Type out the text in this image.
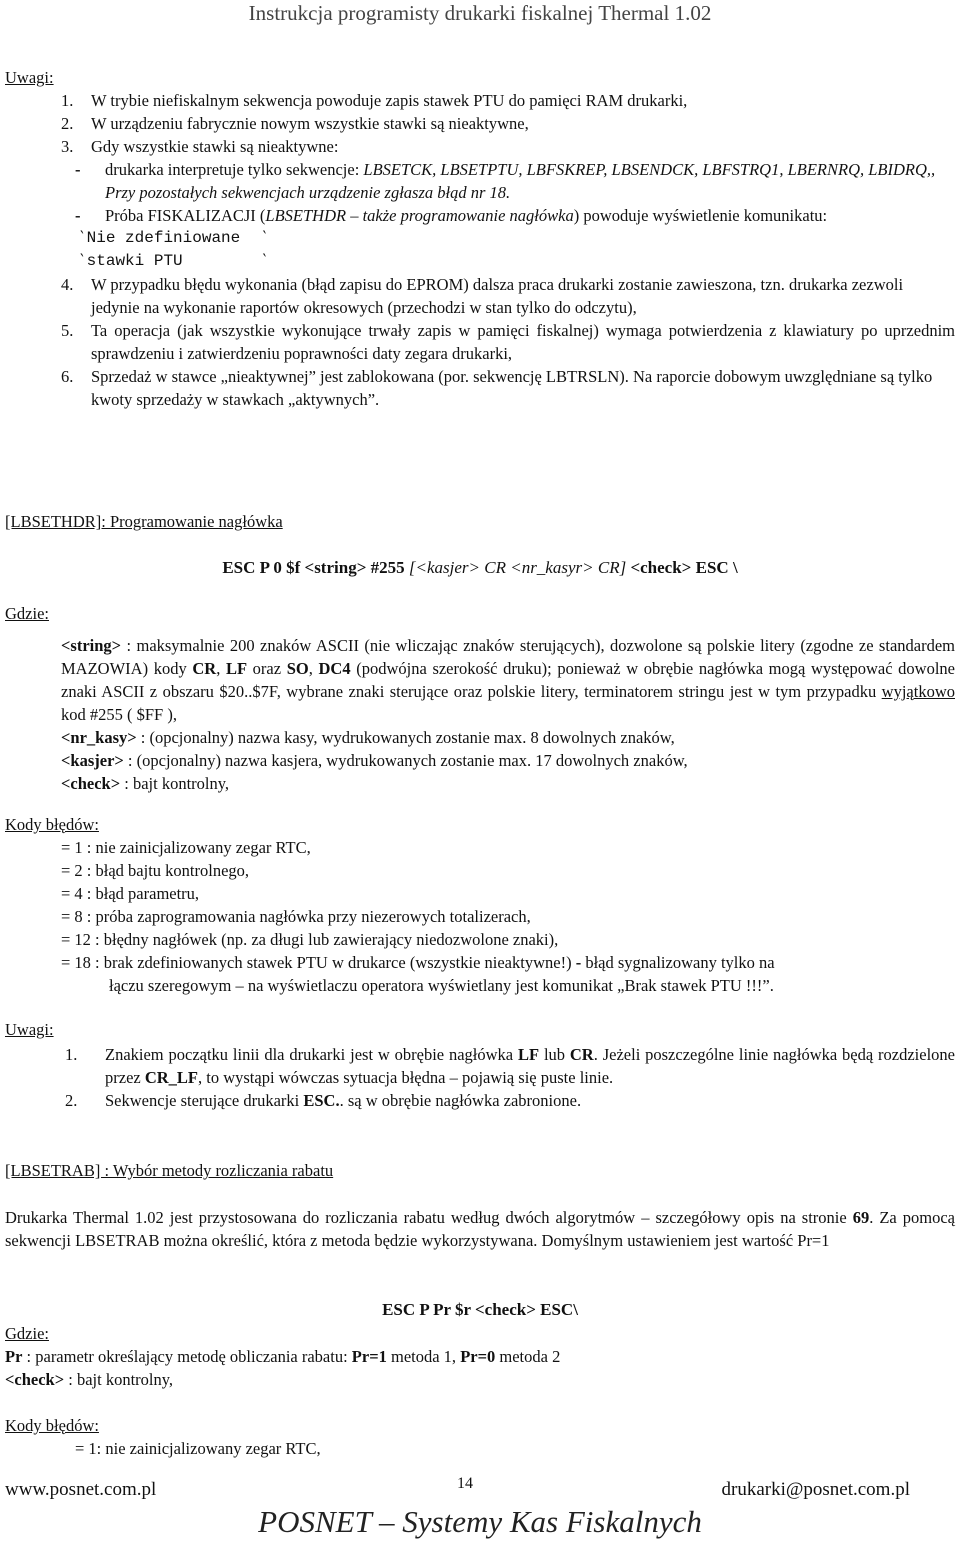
Instrukcja programisty drukarki fiskalnej Thermal 1.02
Uwagi:
1.	W trybie niefiskalnym sekwencja powoduje zapis stawek PTU do pamięci RAM drukarki,
2.	W urządzeniu fabrycznie nowym wszystkie stawki są nieaktywne,
3.	Gdy wszystkie stawki są nieaktywne:
-	drukarka interpretuje tylko sekwencje: LBSETCK, LBSETPTU, LBFSKREP, LBSENDCK, LBFSTRQ1, LBERNRQ, LBIDRQ,,
Przy pozostałych sekwencjach urządzenie zgłasza błąd nr 18.
-	Próba FISKALIZACJI (LBSETHDR – także programowanie nagłówka) powoduje wyświetlenie komunikatu:
‵Nie zdefiniowane  ‵
‵stawki PTU        ‵
4.	W przypadku błędu wykonania (błąd zapisu do EPROM) dalsza praca drukarki zostanie zawieszona, tzn. drukarka zezwoli jedynie na wykonanie raportów okresowych (przechodzi w stan tylko do odczytu),
5.	Ta operacja (jak wszystkie wykonujące trwały zapis w pamięci fiskalnej) wymaga potwierdzenia z klawiatury po uprzednim sprawdzeniu i zatwierdzeniu poprawności daty zegara drukarki,
6.	Sprzedaż w stawce „nieaktywnej” jest zablokowana (por. sekwencję LBTRSLN). Na raporcie dobowym uwzględniane są tylko kwoty sprzedaży w stawkach „aktywnych”.
[LBSETHDR]: Programowanie nagłówka
ESC P 0 $f <string> #255 [<kasjer> CR <nr_kasyr> CR] <check> ESC \
Gdzie:
<string> : maksymalnie 200 znaków ASCII (nie wliczając znaków sterujących), dozwolone są polskie litery (zgodne ze standardem MAZOWIA) kody CR, LF oraz SO, DC4 (podwójna szerokość druku); ponieważ w obrębie nagłówka mogą występować dowolne znaki ASCII z obszaru $20..$7F, wybrane znaki sterujące oraz polskie litery, terminatorem stringu jest w tym przypadku wyjątkowo kod #255 ( $FF ),
<nr_kasy> : (opcjonalny) nazwa kasy, wydrukowanych zostanie max. 8 dowolnych znaków,
<kasjer> : (opcjonalny) nazwa kasjera, wydrukowanych zostanie max. 17 dowolnych znaków,
<check> : bajt kontrolny,
Kody błędów:
= 1 : nie zainicjalizowany zegar RTC,
= 2 : błąd bajtu kontrolnego,
= 4 : błąd parametru,
= 8 : próba zaprogramowania nagłówka przy niezerowych totalizerach,
= 12 : błędny nagłówek (np. za długi lub zawierający niedozwolone znaki),
= 18 : brak zdefiniowanych stawek PTU w drukarce (wszystkie nieaktywne!) - błąd sygnalizowany tylko na
łączu szeregowym – na wyświetlaczu operatora wyświetlany jest komunikat „Brak stawek PTU !!!”.
Uwagi:
1.	Znakiem początku linii dla drukarki jest w obrębie nagłówka LF lub CR. Jeżeli poszczególne linie nagłówka będą rozdzielone przez CR_LF, to wystąpi wówczas sytuacja błędna – pojawią się puste linie.
2.	Sekwencje sterujące drukarki ESC.. są w obrębie nagłówka zabronione.
[LBSETRAB] : Wybór metody rozliczania rabatu
Drukarka Thermal 1.02 jest przystosowana do rozliczania rabatu według dwóch algorytmów – szczegółowy opis na stronie 69. Za pomocą sekwencji LBSETRAB można określić, która z metoda będzie wykorzystywana. Domyślnym ustawieniem jest wartość Pr=1
ESC P Pr $r <check> ESC\
Gdzie:
Pr : parametr określający metodę obliczania rabatu: Pr=1 metoda 1, Pr=0 metoda 2
<check> : bajt kontrolny,
Kody błędów:
= 1: nie zainicjalizowany zegar RTC,
www.posnet.com.pl	14	drukarki@posnet.com.pl
POSNET – Systemy Kas Fiskalnych
